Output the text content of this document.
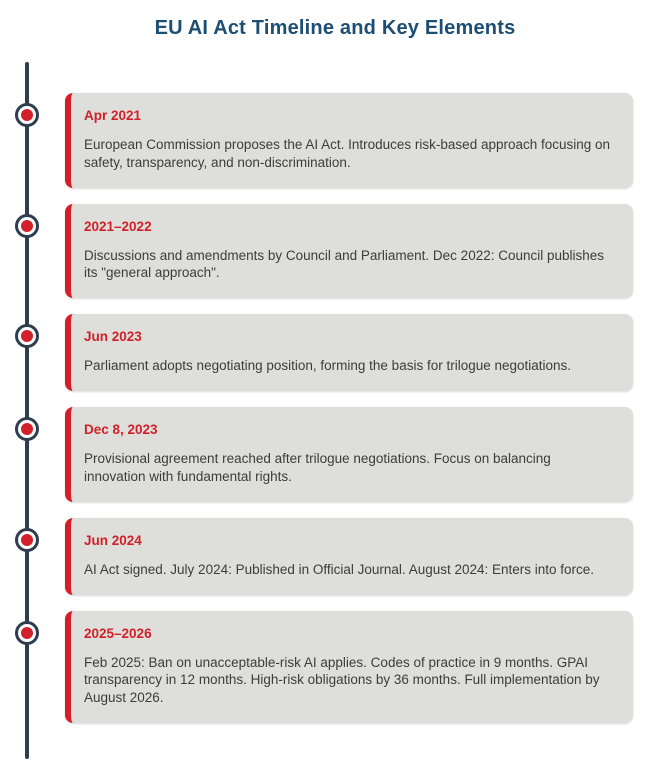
EU AI Act Timeline and Key Elements
Apr 2021
European Commission proposes the AI Act. Introduces risk-based approach focusing on safety, transparency, and non-discrimination.
2021–2022
Discussions and amendments by Council and Parliament. Dec 2022: Council publishes its "general approach".
Jun 2023
Parliament adopts negotiating position, forming the basis for trilogue negotiations.
Dec 8, 2023
Provisional agreement reached after trilogue negotiations. Focus on balancing innovation with fundamental rights.
Jun 2024
AI Act signed. July 2024: Published in Official Journal. August 2024: Enters into force.
2025–2026
Feb 2025: Ban on unacceptable-risk AI applies. Codes of practice in 9 months. GPAI transparency in 12 months. High-risk obligations by 36 months. Full implementation by August 2026.
